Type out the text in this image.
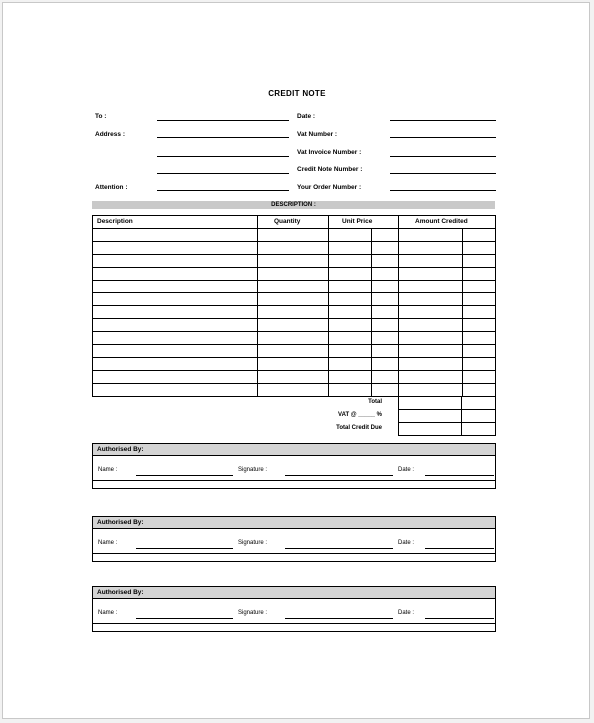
CREDIT NOTE
To :
Address :
Attention :
Date :
Vat Number :
Vat Invoice Number :
Credit Note Number :
Your Order Number :
DESCRIPTION :
Description	Quantity	Unit Price	Amount Credited
Total
VAT @ _____ %
Total Credit Due
Authorised By:
Name :	Signature :	Date :
Authorised By:
Name :	Signature :	Date :
Authorised By:
Name :	Signature :	Date :
